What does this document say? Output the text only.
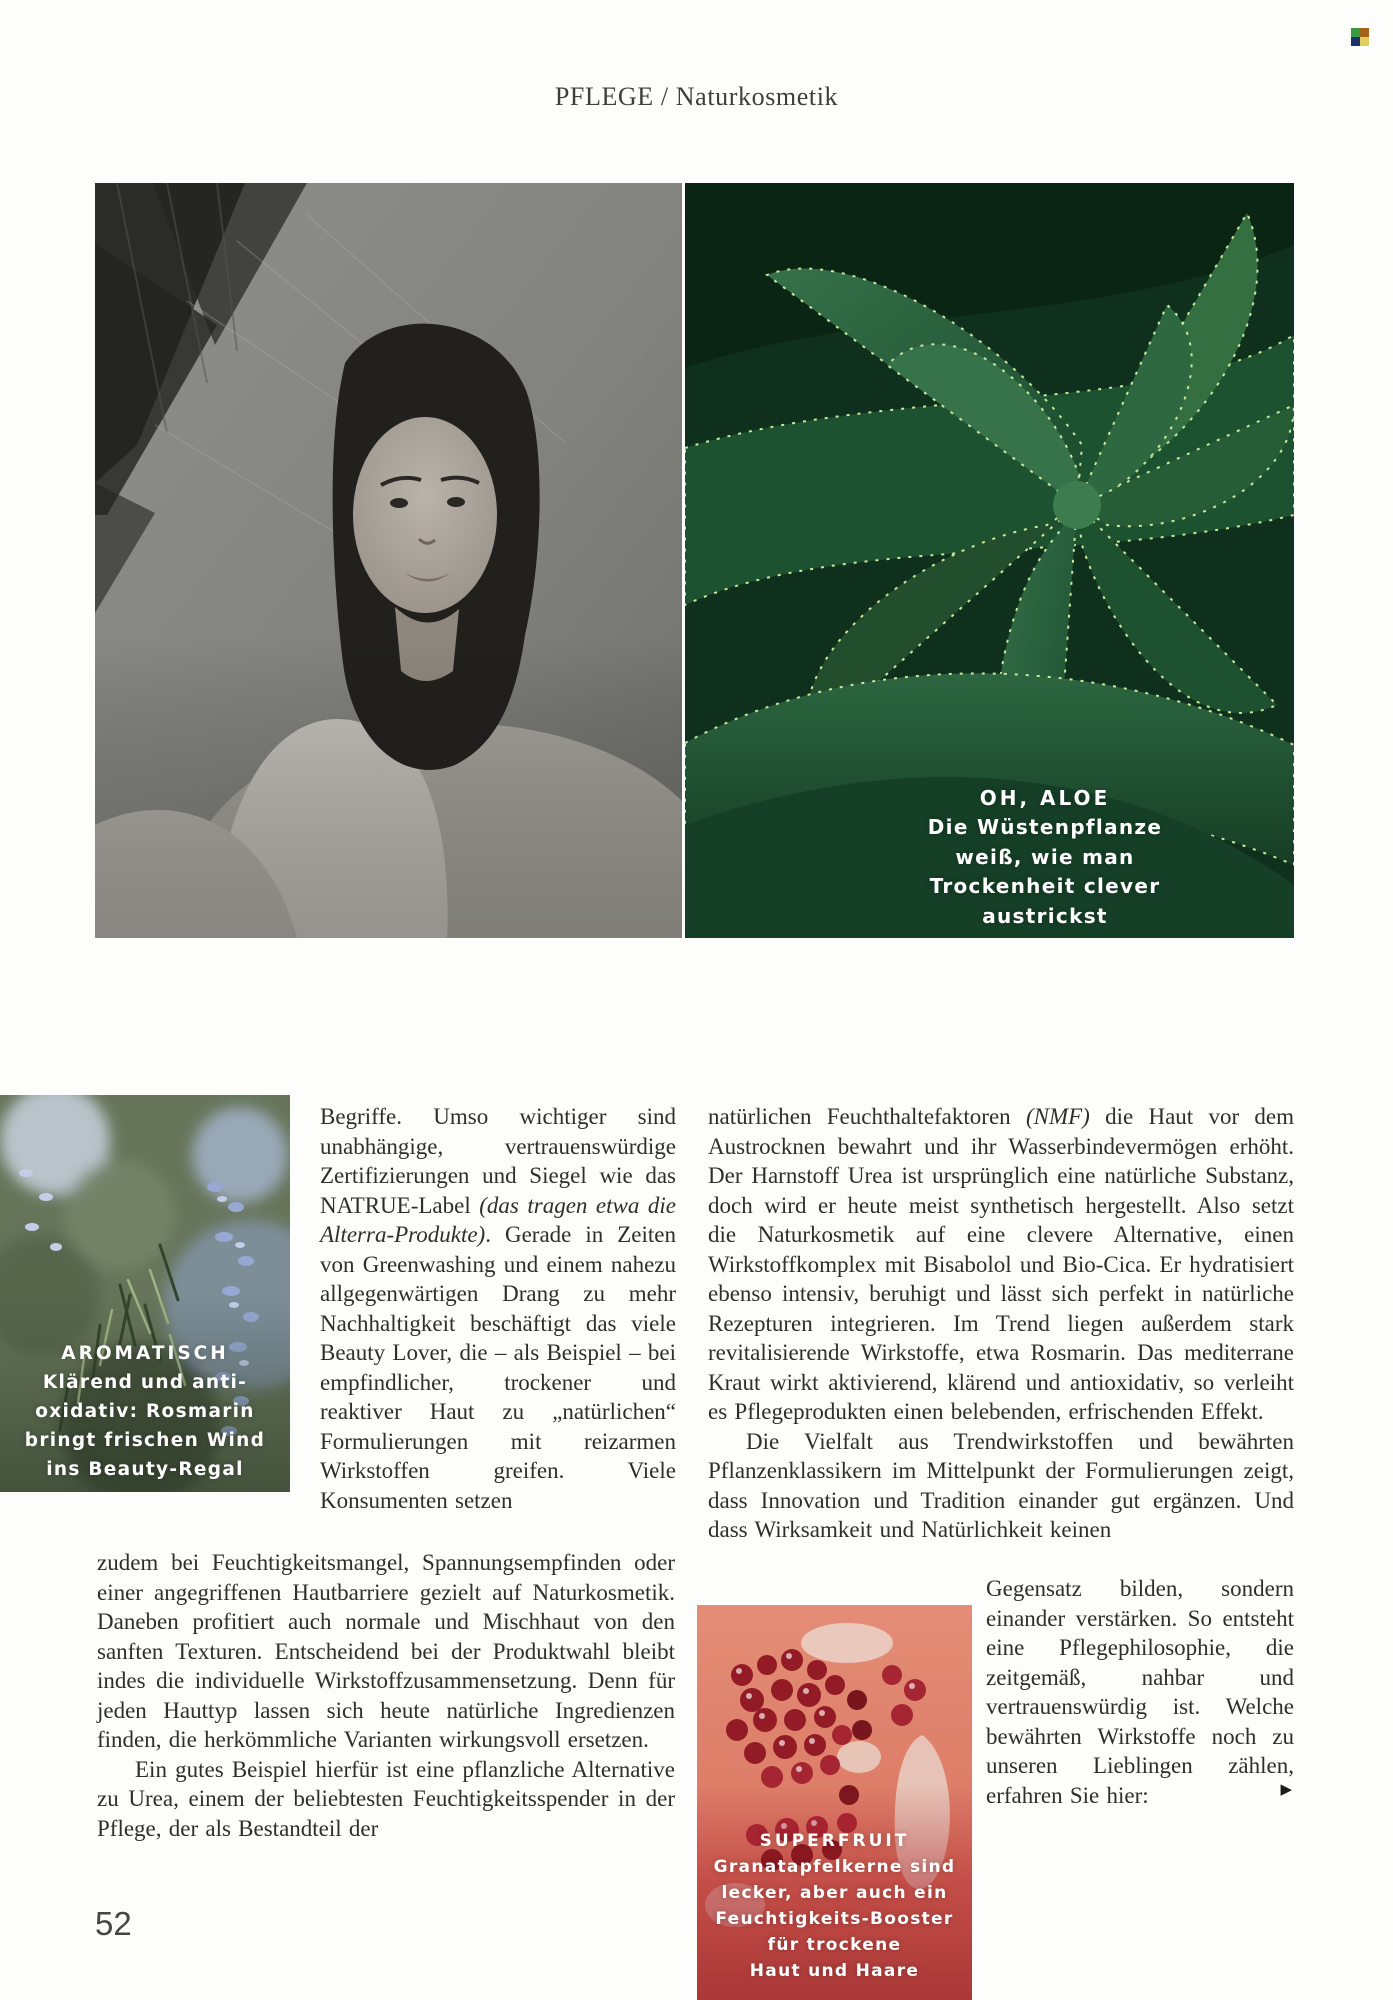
PFLEGE / Naturkosmetik
OH, ALOE
Die Wüstenpflanze
weiß, wie man
Trockenheit clever
austrickst
AROMATISCH
Klärend und anti-
oxidativ: Rosmarin
bringt frischen Wind
ins Beauty-Regal
SUPERFRUIT
Granatapfelkerne sind
lecker, aber auch ein
Feuchtigkeits-Booster
für trockene
Haut und Haare

Begriffe. Umso wichtiger sind unabhängige, vertrauenswürdige Zertifizierungen und Siegel wie das NATRUE-Label (das tragen etwa die Alterra-Produkte). Gerade in Zeiten von Greenwashing und einem nahezu allgegenwärtigen Drang zu mehr Nachhaltigkeit beschäftigt das viele Beauty Lover, die – als Beispiel – bei empfindlicher, trockener und reaktiver Haut zu „natürlichen“ Formulierungen mit reizarmen Wirkstoffen greifen. Viele Konsumenten setzen

zudem bei Feuchtigkeitsmangel, Spannungsempfinden oder einer angegriffenen Hautbarriere gezielt auf Naturkosmetik. Daneben profitiert auch normale und Mischhaut von den sanften Texturen. Entscheidend bei der Produktwahl bleibt indes die individuelle Wirkstoffzusammensetzung. Denn für jeden Hauttyp lassen sich heute natürliche Ingredienzen finden, die herkömmliche Varianten wirkungsvoll ersetzen.

Ein gutes Beispiel hierfür ist eine pflanzliche Alternative zu Urea, einem der beliebtesten Feuchtigkeitsspender in der Pflege, der als Bestandteil der

natürlichen Feuchthaltefaktoren (NMF) die Haut vor dem Austrocknen bewahrt und ihr Wasserbindevermögen erhöht. Der Harnstoff Urea ist ursprünglich eine natürliche Substanz, doch wird er heute meist synthetisch hergestellt. Also setzt die Naturkosmetik auf eine clevere Alternative, einen Wirkstoffkomplex mit Bisabolol und Bio-Cica. Er hydratisiert ebenso intensiv, beruhigt und lässt sich perfekt in natürliche Rezepturen integrieren. Im Trend liegen außerdem stark revitalisierende Wirkstoffe, etwa Rosmarin. Das mediterrane Kraut wirkt aktivierend, klärend und antioxidativ, so verleiht es Pflegeprodukten einen belebenden, erfrischenden Effekt.

Die Vielfalt aus Trendwirkstoffen und bewährten Pflanzenklassikern im Mittelpunkt der Formulierungen zeigt, dass Innovation und Tradition einander gut ergänzen. Und dass Wirksamkeit und Natürlichkeit keinen

Gegensatz bilden, sondern einander verstärken. So entsteht eine Pflegephilosophie, die zeitgemäß, nahbar und vertrauenswürdig ist. Welche bewährten Wirkstoffe noch zu unseren Lieblingen zählen, erfahren Sie hier:	▶
52
